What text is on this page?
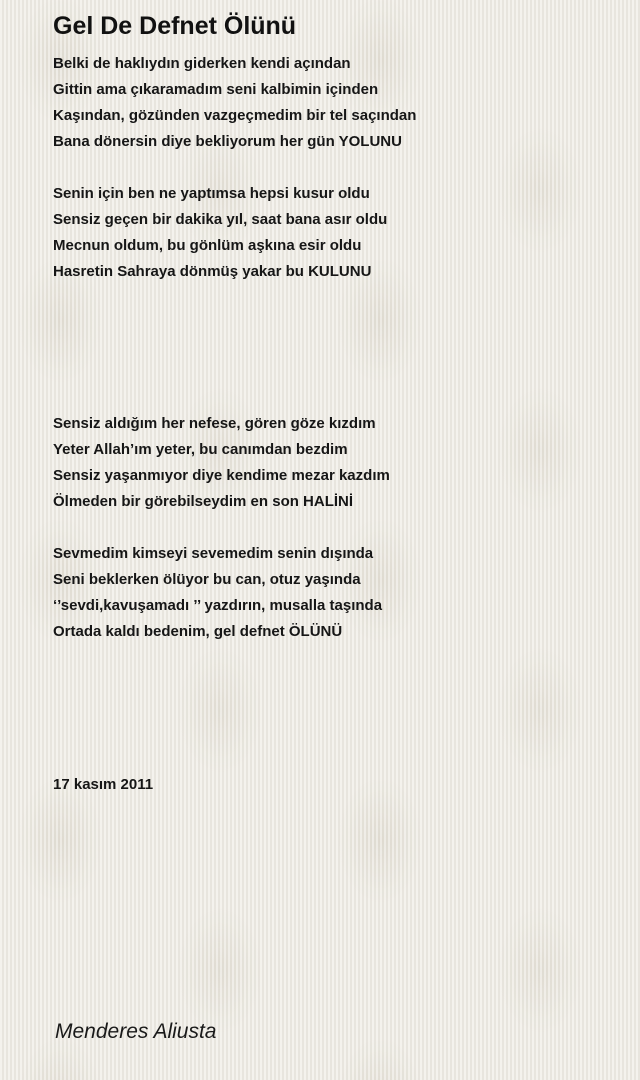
Gel De Defnet Ölünü
Belki de haklıydın giderken kendi açından
Gittin ama çıkaramadım seni kalbimin içinden
Kaşından, gözünden vazgeçmedim bir tel saçından
Bana dönersin diye bekliyorum her gün YOLUNU
Senin için ben ne yaptımsa hepsi kusur oldu
Sensiz geçen bir dakika yıl, saat bana asır oldu
Mecnun oldum, bu gönlüm aşkına esir oldu
Hasretin Sahraya dönmüş yakar bu KULUNU
Sensiz aldığım her nefese, gören göze kızdım
Yeter Allah’ım yeter, bu canımdan bezdim
Sensiz yaşanmıyor diye kendime mezar kazdım
Ölmeden bir görebilseydim en son HALİNİ
Sevmedim kimseyi sevemedim senin dışında
Seni beklerken ölüyor bu can, otuz yaşında
‘’sevdi,kavuşamadı ’’ yazdırın, musalla taşında
Ortada kaldı bedenim, gel defnet ÖLÜNÜ
17 kasım 2011
Menderes Aliusta
